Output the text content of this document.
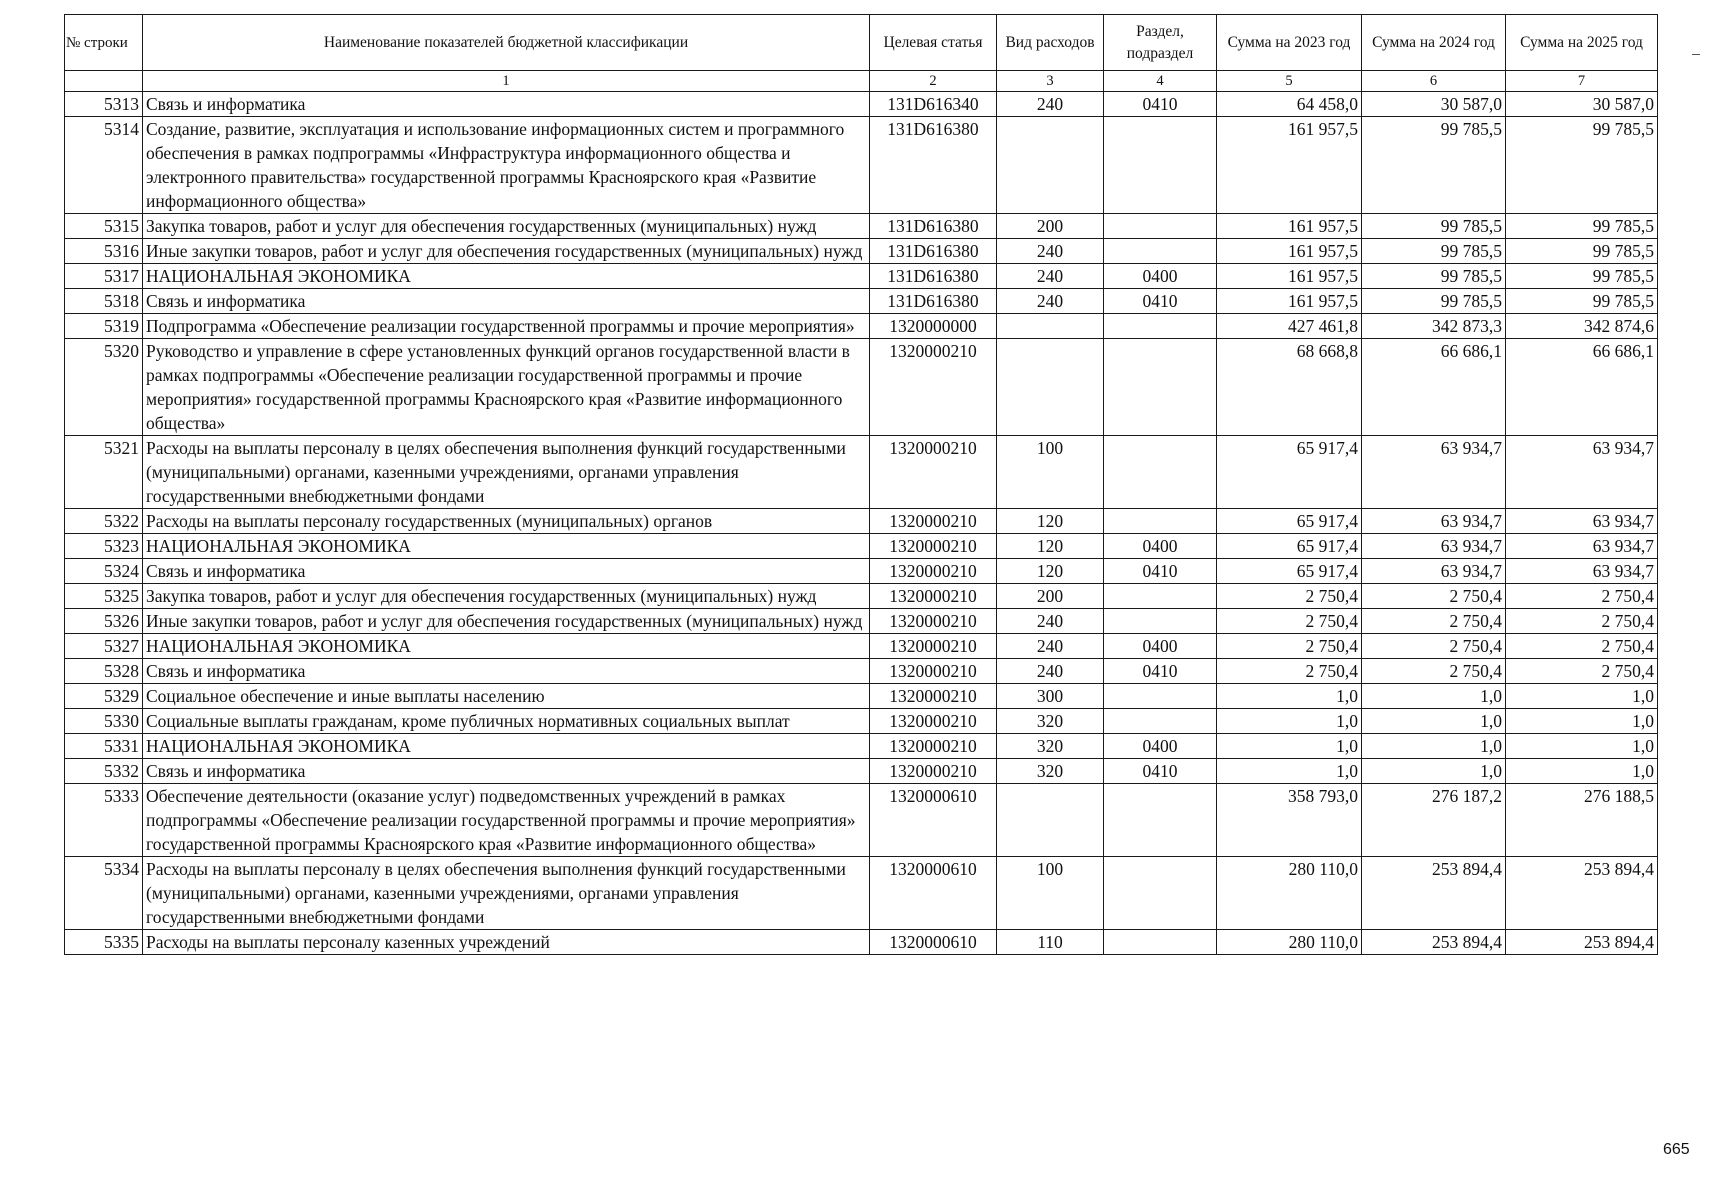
№ строки	Наименование показателей бюджетной классификации	Целевая статья	Вид расходов	Раздел, подраздел	Сумма на 2023 год	Сумма на 2024 год	Сумма на 2025 год
	1	2	3	4	5	6	7
5313	Связь и информатика	131D616340	240	0410	64 458,0	30 587,0	30 587,0
5314	Создание, развитие, эксплуатация и использование информационных систем и программного обеспечения в рамках подпрограммы «Инфраструктура информационного общества и электронного правительства» государственной программы Красноярского края «Развитие информационного общества»	131D616380			161 957,5	99 785,5	99 785,5
5315	Закупка товаров, работ и услуг для обеспечения государственных (муниципальных) нужд	131D616380	200		161 957,5	99 785,5	99 785,5
5316	Иные закупки товаров, работ и услуг для обеспечения государственных (муниципальных) нужд	131D616380	240		161 957,5	99 785,5	99 785,5
5317	НАЦИОНАЛЬНАЯ ЭКОНОМИКА	131D616380	240	0400	161 957,5	99 785,5	99 785,5
5318	Связь и информатика	131D616380	240	0410	161 957,5	99 785,5	99 785,5
5319	Подпрограмма «Обеспечение реализации государственной программы и прочие мероприятия»	1320000000			427 461,8	342 873,3	342 874,6
5320	Руководство и управление в сфере установленных функций органов государственной власти в рамках подпрограммы «Обеспечение реализации государственной программы и прочие мероприятия» государственной программы Красноярского края «Развитие информационного общества»	1320000210			68 668,8	66 686,1	66 686,1
5321	Расходы на выплаты персоналу в целях обеспечения выполнения функций государственными (муниципальными) органами, казенными учреждениями, органами управления государственными внебюджетными фондами	1320000210	100		65 917,4	63 934,7	63 934,7
5322	Расходы на выплаты персоналу государственных (муниципальных) органов	1320000210	120		65 917,4	63 934,7	63 934,7
5323	НАЦИОНАЛЬНАЯ ЭКОНОМИКА	1320000210	120	0400	65 917,4	63 934,7	63 934,7
5324	Связь и информатика	1320000210	120	0410	65 917,4	63 934,7	63 934,7
5325	Закупка товаров, работ и услуг для обеспечения государственных (муниципальных) нужд	1320000210	200		2 750,4	2 750,4	2 750,4
5326	Иные закупки товаров, работ и услуг для обеспечения государственных (муниципальных) нужд	1320000210	240		2 750,4	2 750,4	2 750,4
5327	НАЦИОНАЛЬНАЯ ЭКОНОМИКА	1320000210	240	0400	2 750,4	2 750,4	2 750,4
5328	Связь и информатика	1320000210	240	0410	2 750,4	2 750,4	2 750,4
5329	Социальное обеспечение и иные выплаты населению	1320000210	300		1,0	1,0	1,0
5330	Социальные выплаты гражданам, кроме публичных нормативных социальных выплат	1320000210	320		1,0	1,0	1,0
5331	НАЦИОНАЛЬНАЯ ЭКОНОМИКА	1320000210	320	0400	1,0	1,0	1,0
5332	Связь и информатика	1320000210	320	0410	1,0	1,0	1,0
5333	Обеспечение деятельности (оказание услуг) подведомственных учреждений в рамках подпрограммы «Обеспечение реализации государственной программы и прочие мероприятия» государственной программы Красноярского края «Развитие информационного общества»	1320000610			358 793,0	276 187,2	276 188,5
5334	Расходы на выплаты персоналу в целях обеспечения выполнения функций государственными (муниципальными) органами, казенными учреждениями, органами управления государственными внебюджетными фондами	1320000610	100		280 110,0	253 894,4	253 894,4
5335	Расходы на выплаты персоналу казенных учреждений	1320000610	110		280 110,0	253 894,4	253 894,4
665
